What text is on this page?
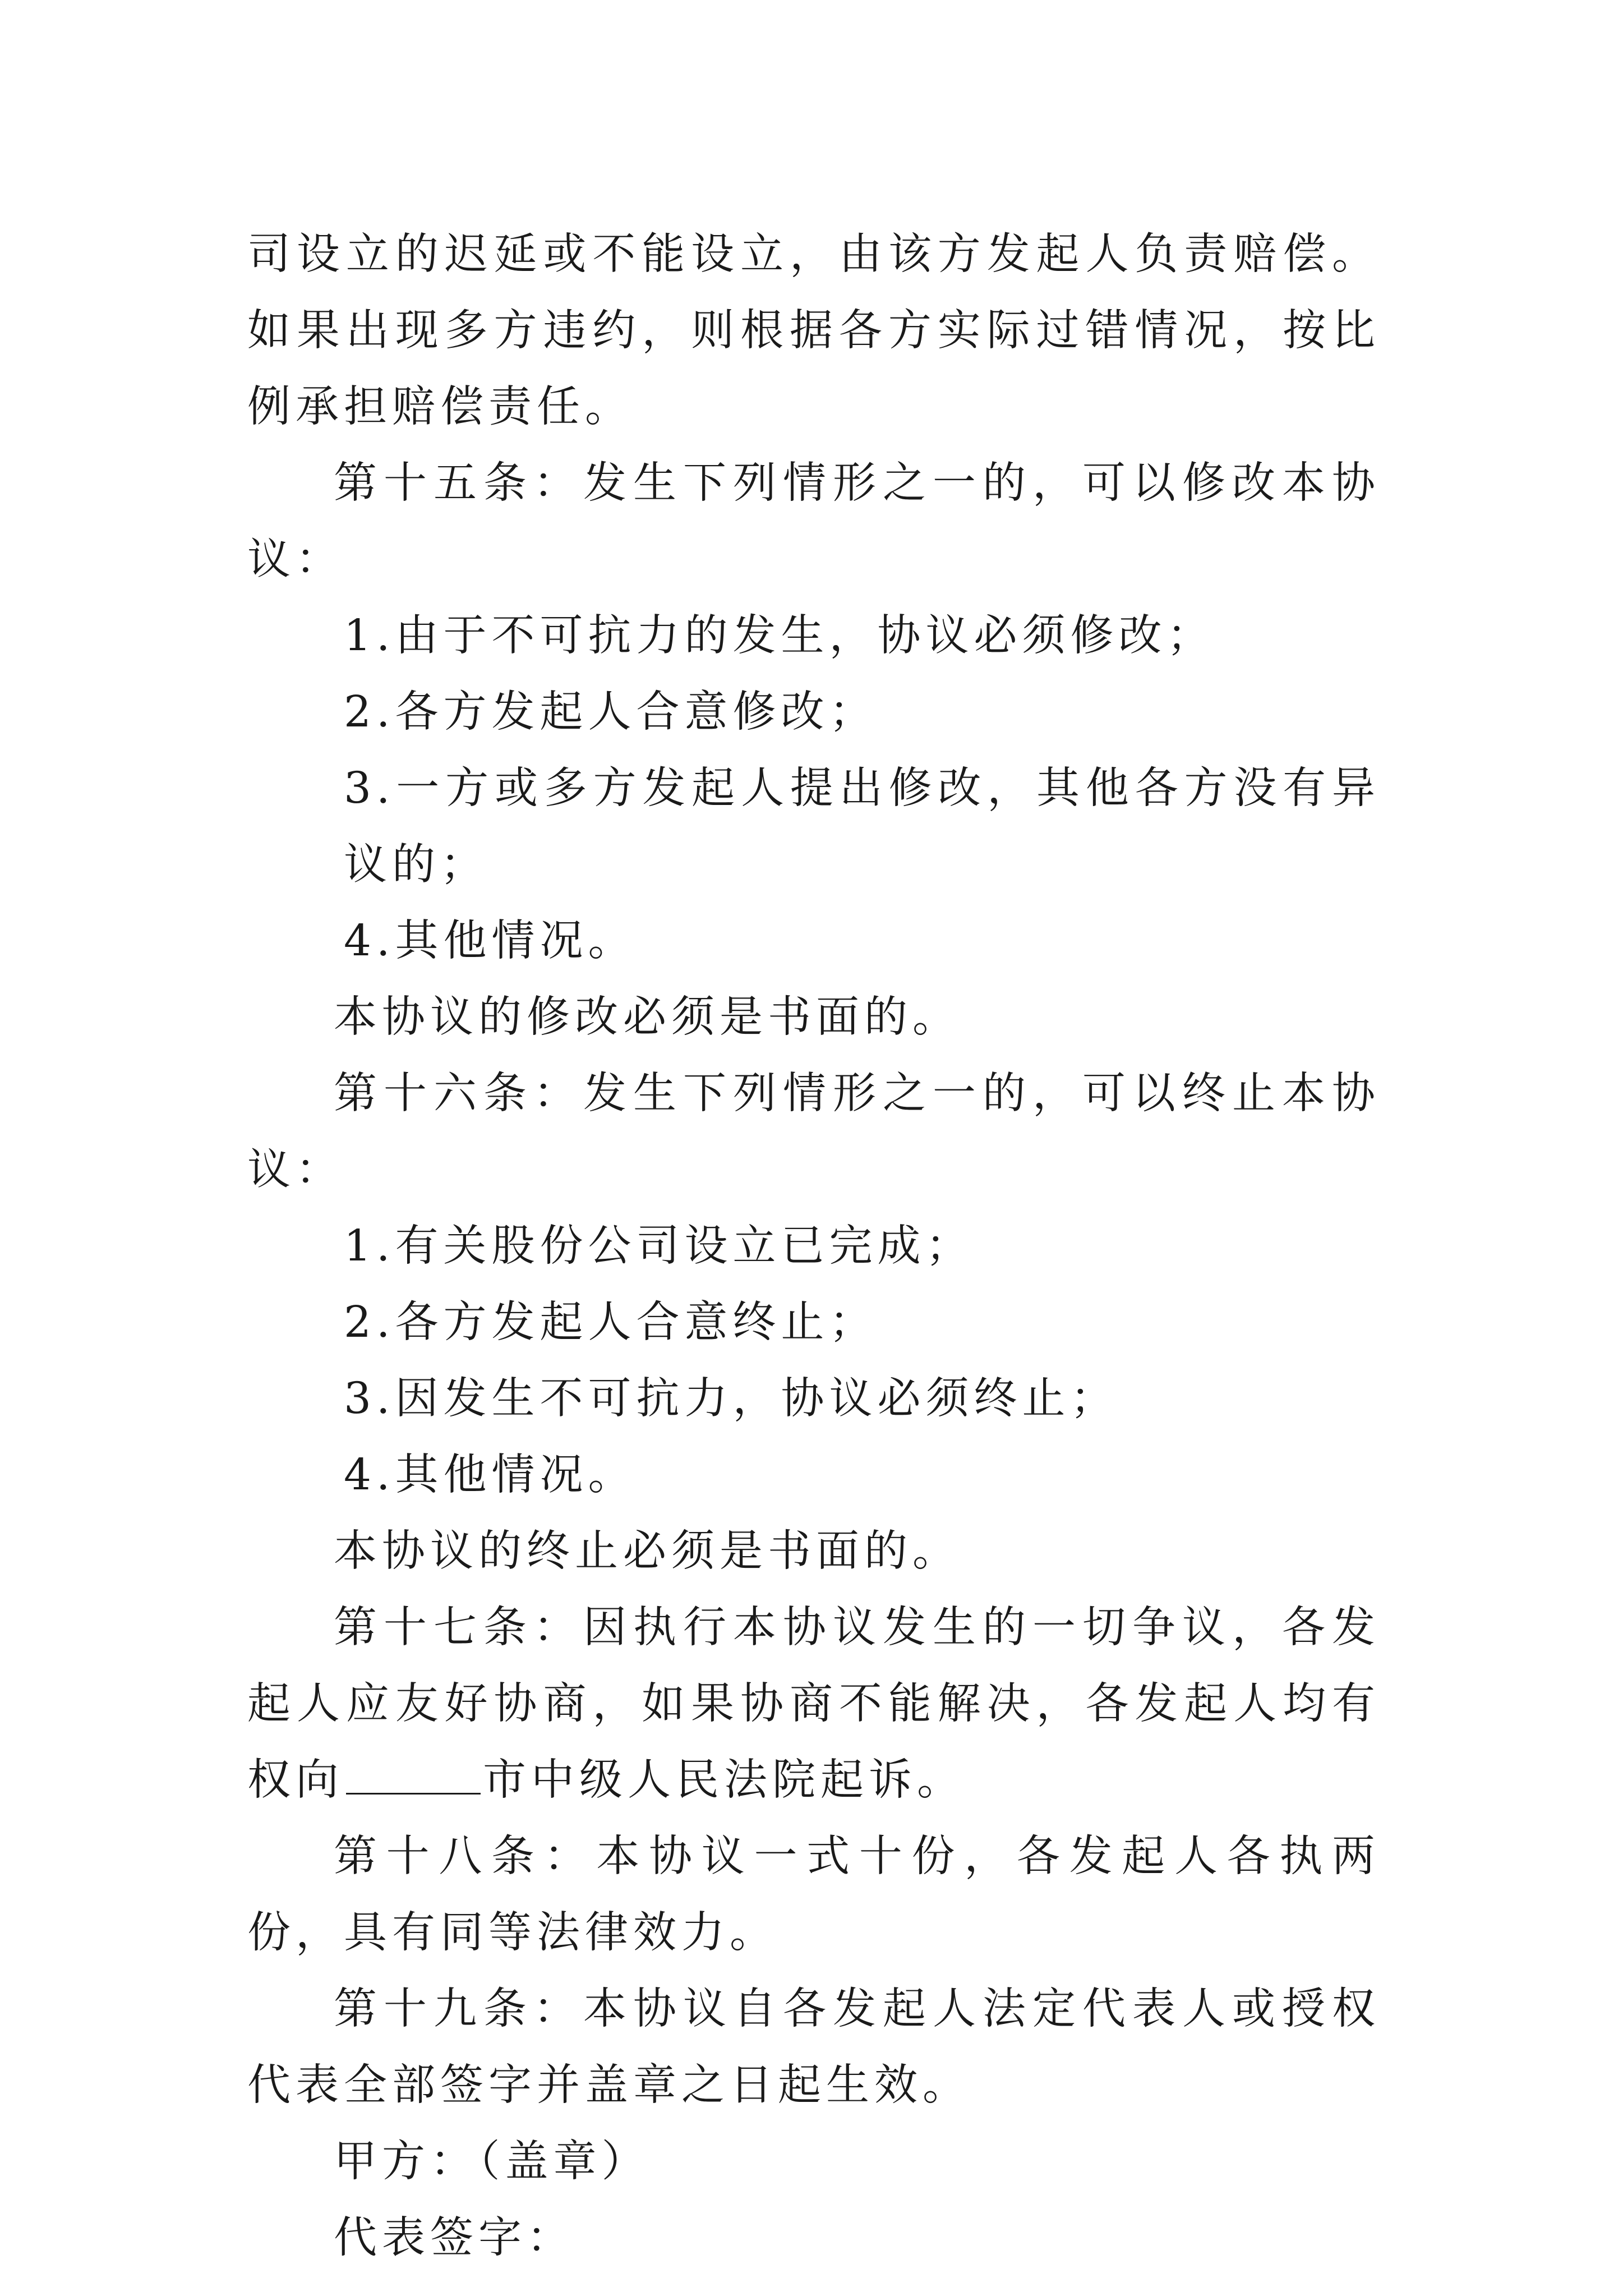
司设立的迟延或不能设立，由该方发起人负责赔偿。如果出现多方违约，则根据各方实际过错情况，按比例承担赔偿责任。

第十五条：发生下列情形之一的，可以修改本协议：

1.由于不可抗力的发生，协议必须修改；

2.各方发起人合意修改；

3.一方或多方发起人提出修改，其他各方没有异议的；

4.其他情况。

本协议的修改必须是书面的。

第十六条：发生下列情形之一的，可以终止本协议：

1.有关股份公司设立已完成；

2.各方发起人合意终止；

3.因发生不可抗力，协议必须终止；

4.其他情况。

本协议的终止必须是书面的。

第十七条：因执行本协议发生的一切争议，各发起人应友好协商，如果协商不能解决，各发起人均有权向	市中级人民法院起诉。

第十八条：本协议一式十份，各发起人各执两份，具有同等法律效力。

第十九条：本协议自各发起人法定代表人或授权代表全部签字并盖章之日起生效。

甲方：（盖章）

代表签字：
